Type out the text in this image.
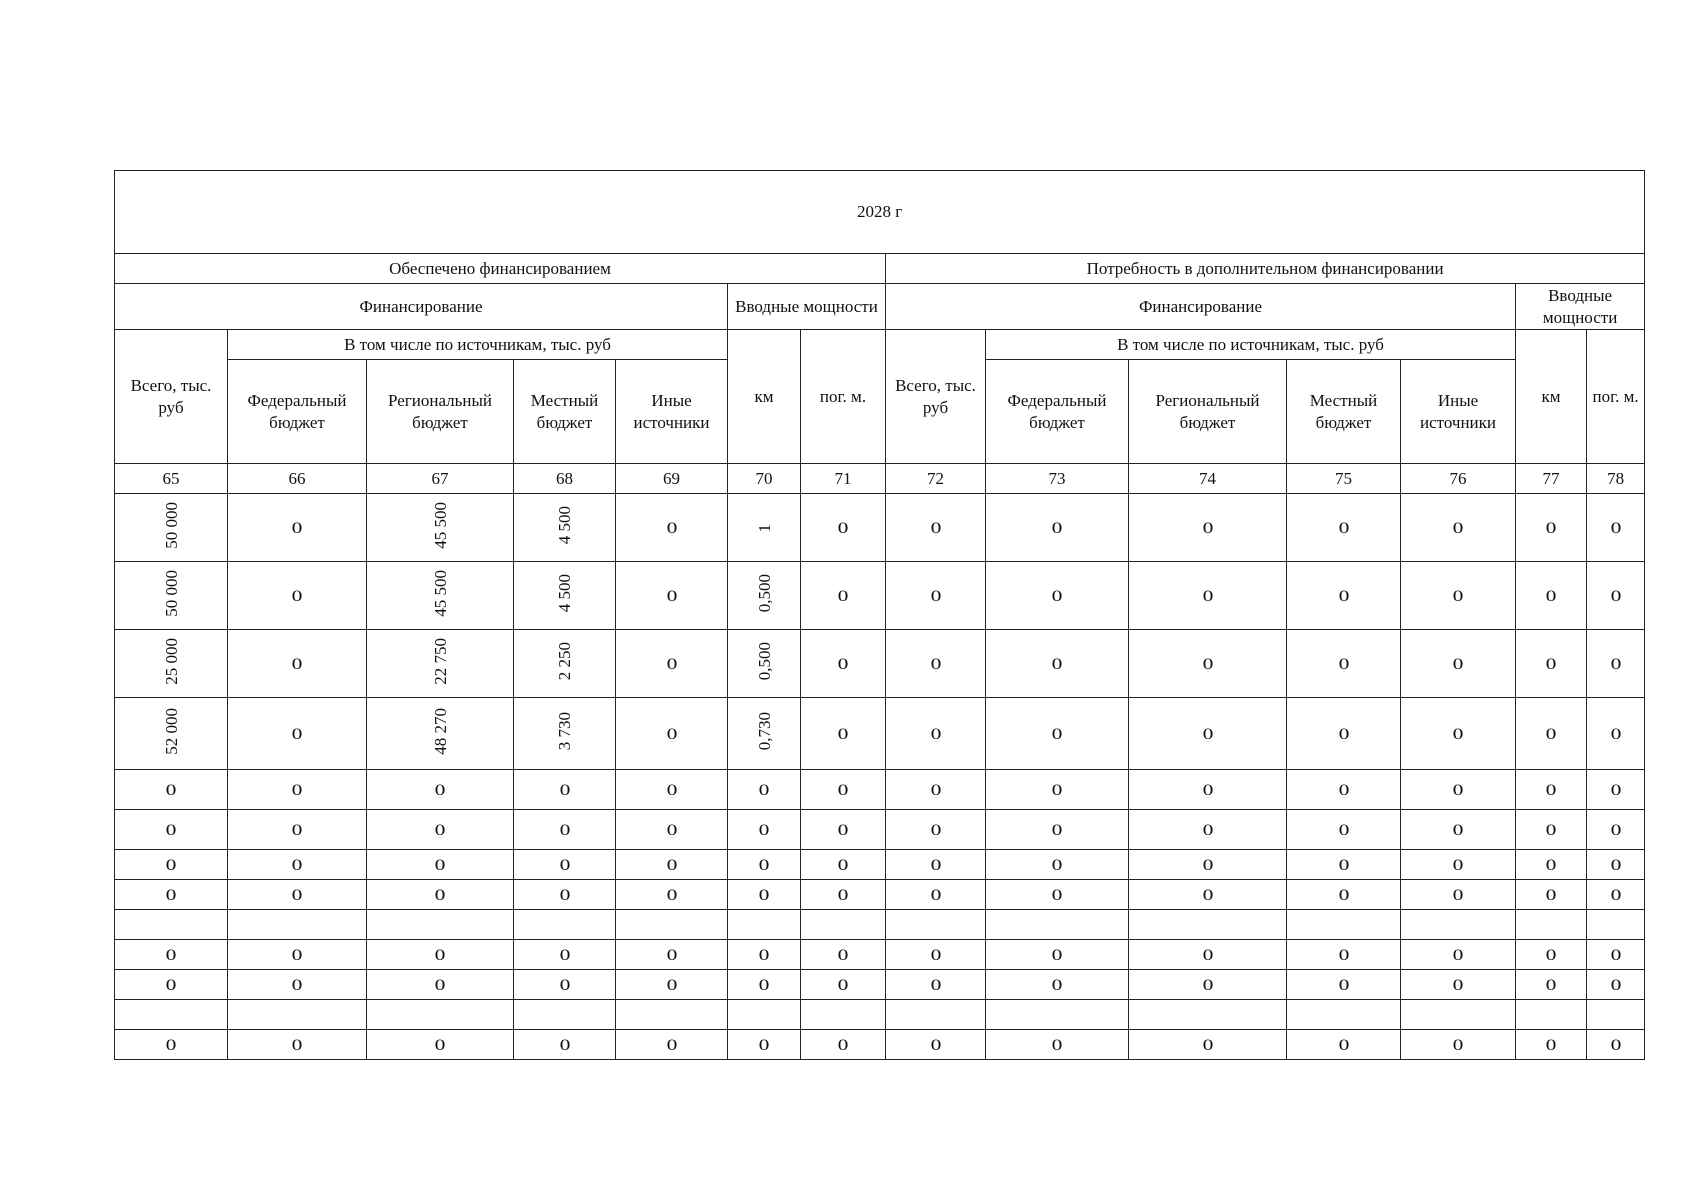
2028 г													
Обеспечено финансированием							Потребность в дополнительном финансировании						
Финансирование					Вводные мощности		Финансирование					Вводные мощности	
Всего, тыс. руб	В том числе по источникам, тыс. руб				км	пог. м.	Всего, тыс. руб	В том числе по источникам, тыс. руб				км	пог. м.
	Федеральный бюджет	Региональный бюджет	Местный бюджет	Иные источники				Федеральный бюджет	Региональный бюджет	Местный бюджет	Иные источники		
65	66	67	68	69	70	71	72	73	74	75	76	77	78
50 000	0	45 500	4 500	0	1	0	0	0	0	0	0	0	0
50 000	0	45 500	4 500	0	0,500	0	0	0	0	0	0	0	0
25 000	0	22 750	2 250	0	0,500	0	0	0	0	0	0	0	0
52 000	0	48 270	3 730	0	0,730	0	0	0	0	0	0	0	0
0	0	0	0	0	0	0	0	0	0	0	0	0	0
0	0	0	0	0	0	0	0	0	0	0	0	0	0
0	0	0	0	0	0	0	0	0	0	0	0	0	0
0	0	0	0	0	0	0	0	0	0	0	0	0	0

0	0	0	0	0	0	0	0	0	0	0	0	0	0
0	0	0	0	0	0	0	0	0	0	0	0	0	0

0	0	0	0	0	0	0	0	0	0	0	0	0	0
